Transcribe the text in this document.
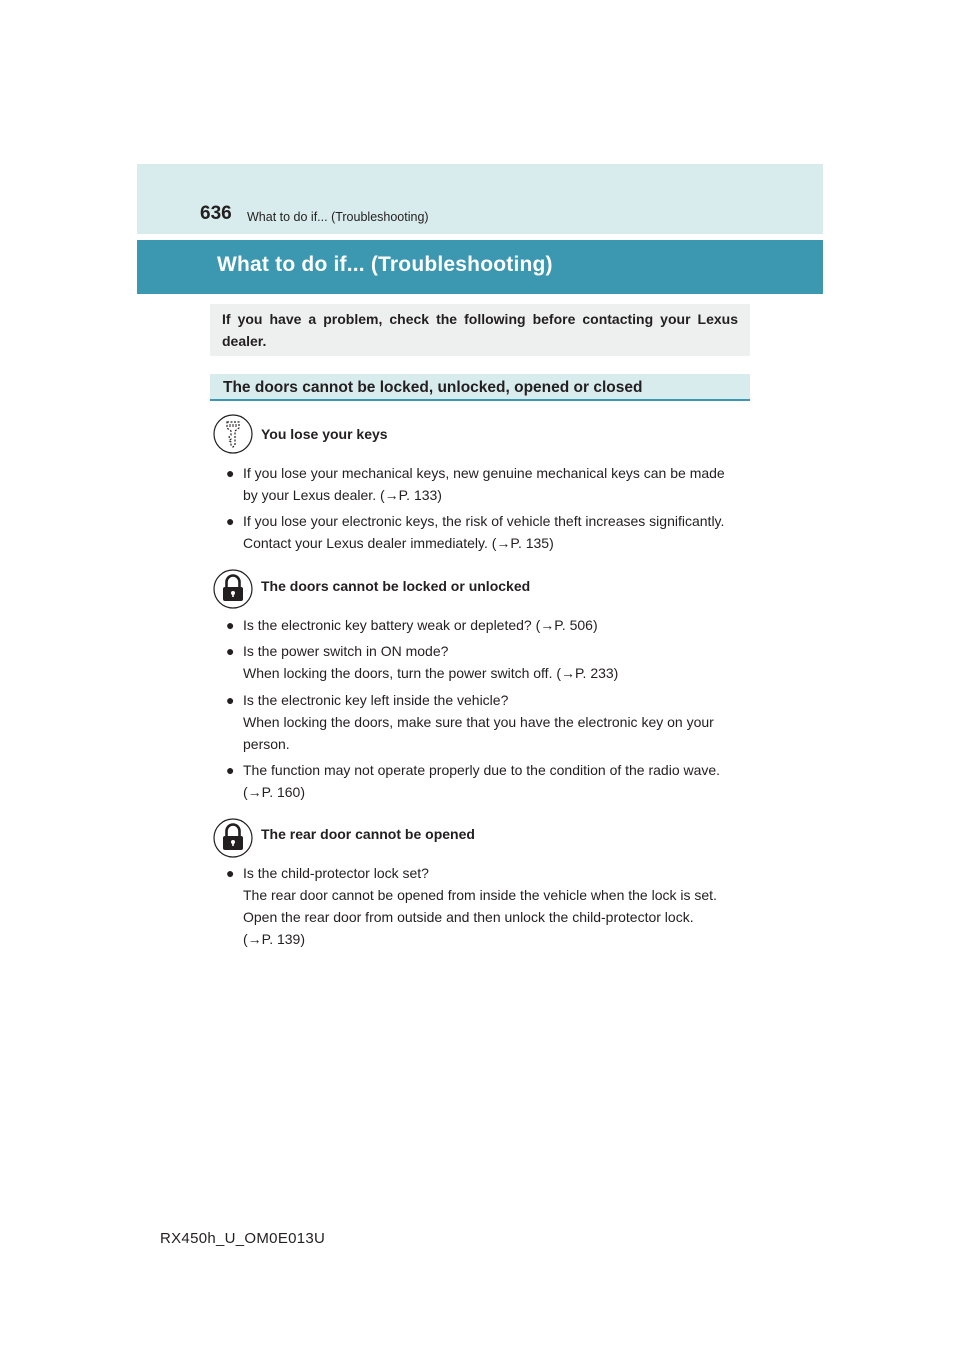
636 What to do if... (Troubleshooting)
What to do if... (Troubleshooting)

If you have a problem, check the following before contacting your Lexus dealer.

The doors cannot be locked, unlocked, opened or closed
You lose your keys
● If you lose your mechanical keys, new genuine mechanical keys can be made
by your Lexus dealer. (→P. 133)
● If you lose your electronic keys, the risk of vehicle theft increases significantly.
Contact your Lexus dealer immediately. (→P. 135)
The doors cannot be locked or unlocked
● Is the electronic key battery weak or depleted? (→P. 506)
● Is the power switch in ON mode?
When locking the doors, turn the power switch off. (→P. 233)
● Is the electronic key left inside the vehicle?
When locking the doors, make sure that you have the electronic key on your
person.
● The function may not operate properly due to the condition of the radio wave.
(→P. 160)
The rear door cannot be opened
● Is the child-protector lock set?
The rear door cannot be opened from inside the vehicle when the lock is set.
Open the rear door from outside and then unlock the child-protector lock.
(→P. 139)
RX450h_U_OM0E013U
